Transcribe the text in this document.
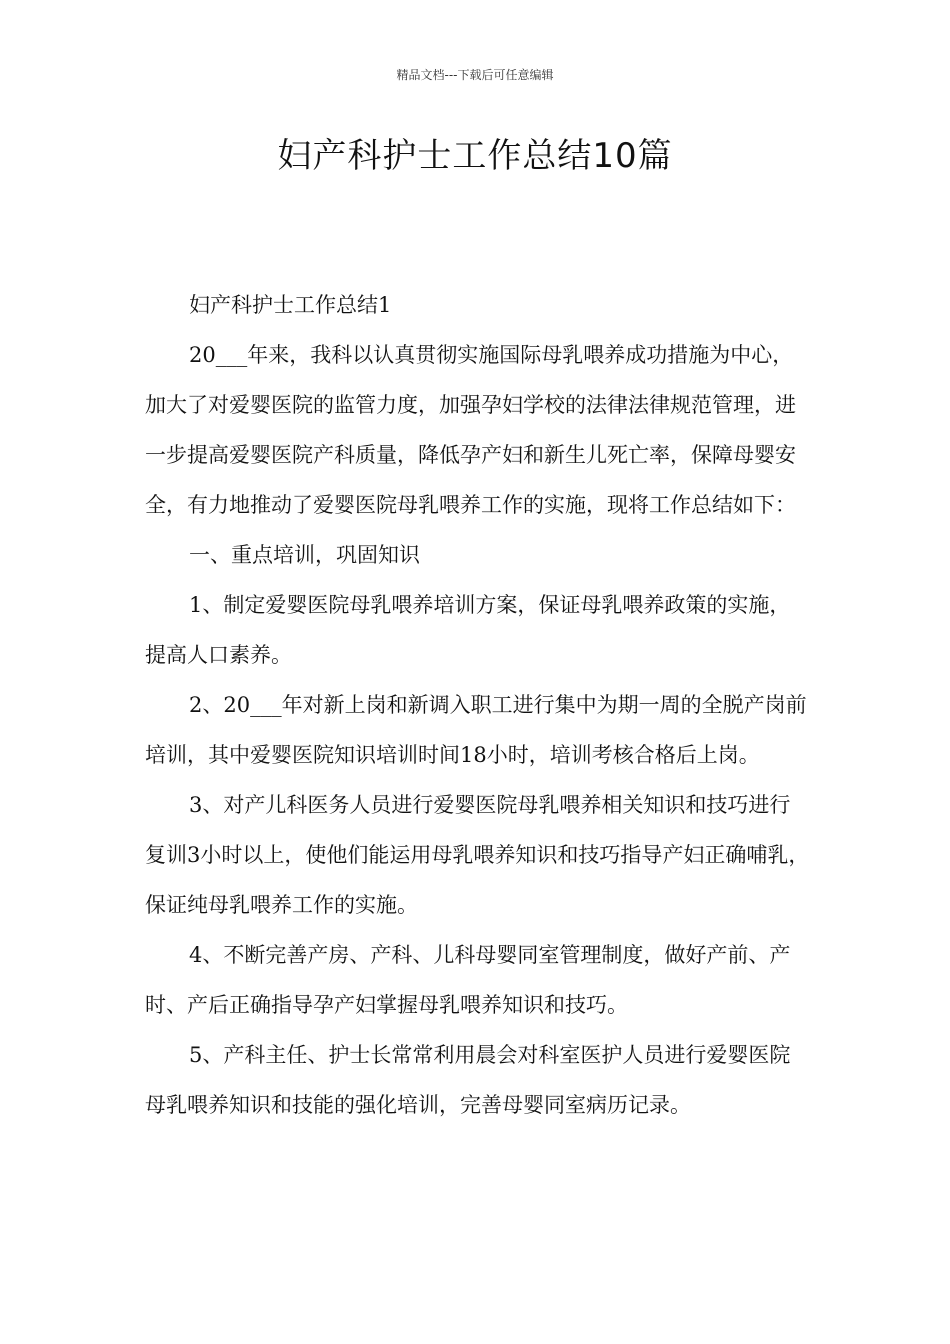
精品文档---下载后可任意编辑
妇产科护士工作总结10篇

妇产科护士工作总结1

20___年来，我科以认真贯彻实施国际母乳喂养成功措施为中心，加大了对爱婴医院的监管力度，加强孕妇学校的法律法律规范管理，进一步提高爱婴医院产科质量，降低孕产妇和新生儿死亡率，保障母婴安全，有力地推动了爱婴医院母乳喂养工作的实施，现将工作总结如下：

一、重点培训，巩固知识

1、制定爱婴医院母乳喂养培训方案，保证母乳喂养政策的实施，提高人口素养。

2、20___年对新上岗和新调入职工进行集中为期一周的全脱产岗前培训，其中爱婴医院知识培训时间18小时，培训考核合格后上岗。

3、对产儿科医务人员进行爱婴医院母乳喂养相关知识和技巧进行复训3小时以上，使他们能运用母乳喂养知识和技巧指导产妇正确哺乳，保证纯母乳喂养工作的实施。

4、不断完善产房、产科、儿科母婴同室管理制度，做好产前、产时、产后正确指导孕产妇掌握母乳喂养知识和技巧。

5、产科主任、护士长常常利用晨会对科室医护人员进行爱婴医院母乳喂养知识和技能的强化培训，完善母婴同室病历记录。
